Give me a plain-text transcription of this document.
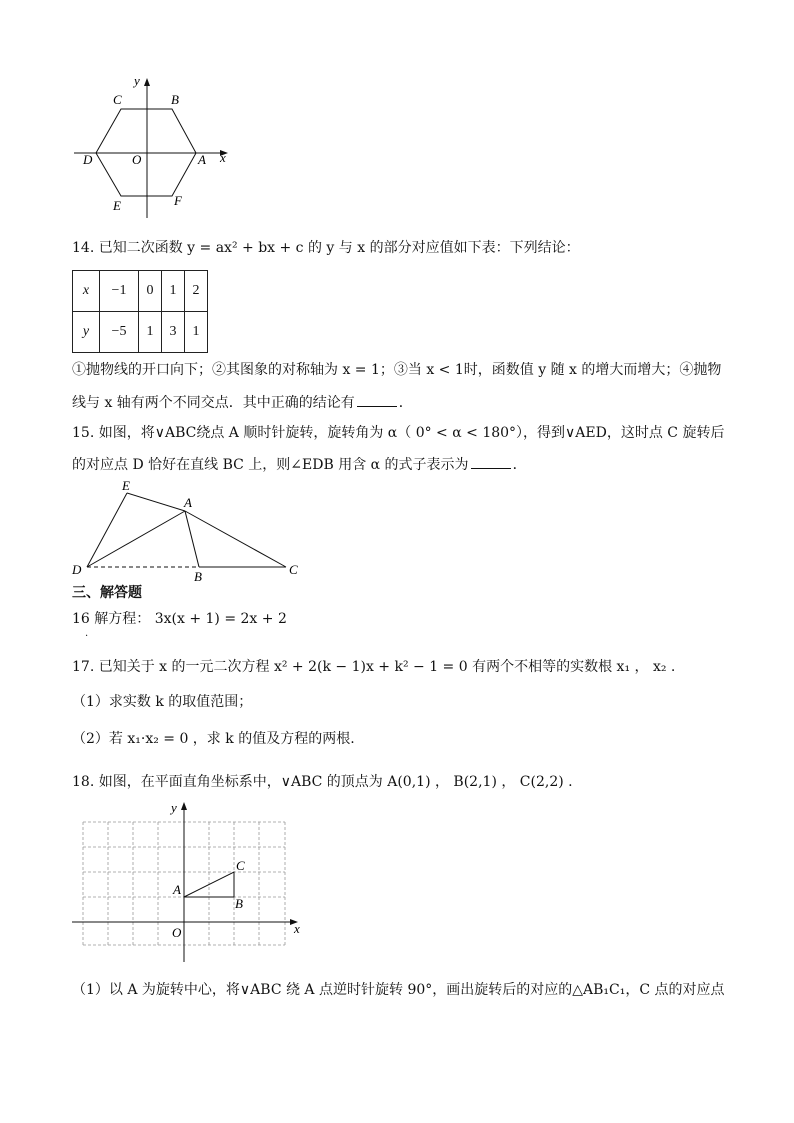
y
C	B
D	O	A x
E	F
14. 已知二次函数 y = ax² + bx + c 的 y 与 x 的部分对应值如下表：下列结论：
x	−1	0	1	2
y	−5	1	3	1
①抛物线的开口向下；②其图象的对称轴为 x = 1；③当 x < 1时，函数值 y 随 x 的增大而增大；④抛物
线与 x 轴有两个不同交点．其中正确的结论有	．
15. 如图，将∨ABC绕点 A 顺时针旋转，旋转角为 α（ 0° < α < 180°），得到∨AED，这时点 C 旋转后
的对应点 D 恰好在直线 BC 上，则∠EDB 用含 α 的式子表示为	．
E
A
D	B	C
三、解答题
16 解方程： 3x(x + 1) = 2x + 2
.
17. 已知关于 x 的一元二次方程 x² + 2(k − 1)x + k² − 1 = 0 有两个不相等的实数根 x₁ ， x₂ .
（1）求实数 k 的取值范围；
（2）若 x₁·x₂ = 0 ，求 k 的值及方程的两根.
18. 如图，在平面直角坐标系中，∨ABC 的顶点为 A(0,1) ， B(2,1) ， C(2,2) .
y
C
A
B
O	x
（1）以 A 为旋转中心，将∨ABC 绕 A 点逆时针旋转 90°，画出旋转后的对应的△AB₁C₁，C 点的对应点
